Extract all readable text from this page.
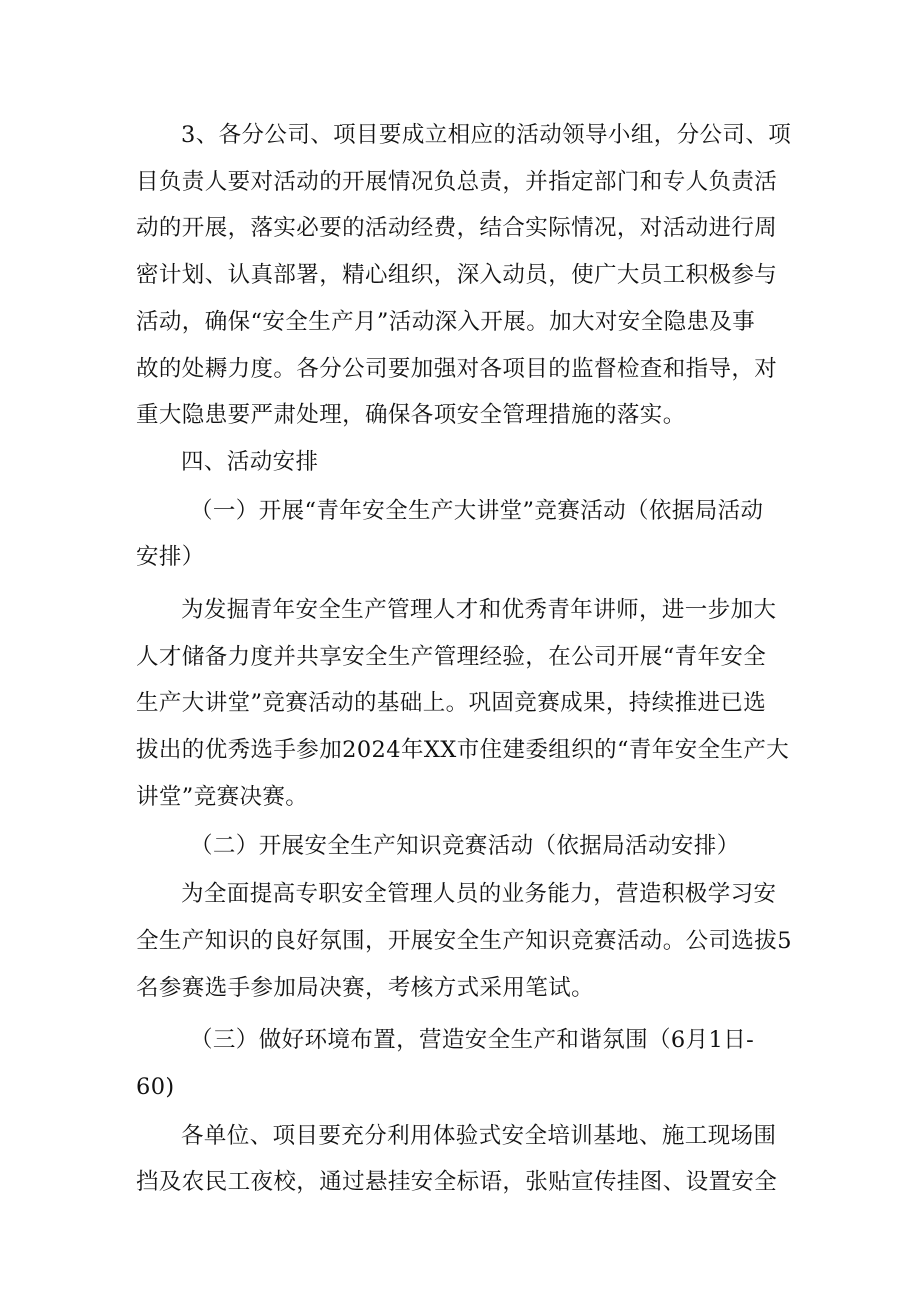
3、各分公司、项目要成立相应的活动领导小组，分公司、项
目负责人要对活动的开展情况负总责，并指定部门和专人负责活
动的开展，落实必要的活动经费，结合实际情况，对活动进行周
密计划、认真部署，精心组织，深入动员，使广大员工积极参与
活动，确保“安全生产月”活动深入开展。加大对安全隐患及事
故的处耨力度。各分公司要加强对各项目的监督检查和指导，对
重大隐患要严肃处理，确保各项安全管理措施的落实。

四、活动安排

（一）开展“青年安全生产大讲堂”竞赛活动（依据局活动
安排）

为发掘青年安全生产管理人才和优秀青年讲师，进一步加大
人才储备力度并共享安全生产管理经验，在公司开展“青年安全
生产大讲堂”竞赛活动的基础上。巩固竞赛成果，持续推进已选
拔出的优秀选手参加2024年XX市住建委组织的“青年安全生产大
讲堂”竞赛决赛。

（二）开展安全生产知识竞赛活动（依据局活动安排）

为全面提高专职安全管理人员的业务能力，营造积极学习安
全生产知识的良好氛围，开展安全生产知识竞赛活动。公司选拔5
名参赛选手参加局决赛，考核方式采用笔试。

（三）做好环境布置，营造安全生产和谐氛围（6月1日-
60)

各单位、项目要充分利用体验式安全培训基地、施工现场围
挡及农民工夜校，通过悬挂安全标语，张贴宣传挂图、设置安全
